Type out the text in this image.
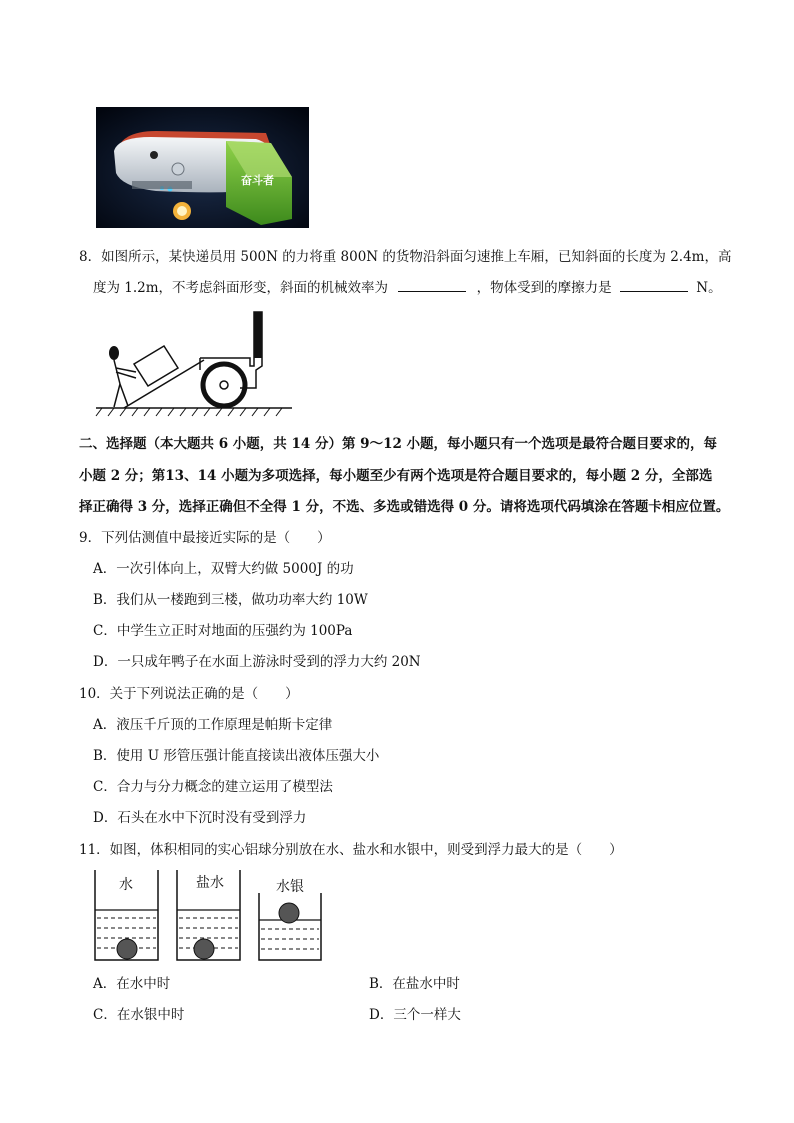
奋斗者
8．如图所示，某快递员用 500N 的力将重 800N 的货物沿斜面匀速推上车厢，已知斜面的长度为 2.4m，高
度为 1.2m，不考虑斜面形变，斜面的机械效率为	，物体受到的摩擦力是	N。
二、选择题（本大题共 6 小题，共 14 分）第 9～12 小题，每小题只有一个选项是最符合题目要求的，每
小题 2 分；第13、14 小题为多项选择，每小题至少有两个选项是符合题目要求的，每小题 2 分，全部选
择正确得 3 分，选择正确但不全得 1 分，不选、多选或错选得 0 分。请将选项代码填涂在答题卡相应位置。
9．下列估测值中最接近实际的是（　　）
A．一次引体向上，双臂大约做 5000J 的功
B．我们从一楼跑到三楼，做功功率大约 10W
C．中学生立正时对地面的压强约为 100Pa
D．一只成年鸭子在水面上游泳时受到的浮力大约 20N
10．关于下列说法正确的是（　　）
A．液压千斤顶的工作原理是帕斯卡定律
B．使用 U 形管压强计能直接读出液体压强大小
C．合力与分力概念的建立运用了模型法
D．石头在水中下沉时没有受到浮力
11．如图，体积相同的实心铝球分别放在水、盐水和水银中，则受到浮力最大的是（　　）
水	盐水	水银
A．在水中时	B．在盐水中时
C．在水银中时	D．三个一样大
